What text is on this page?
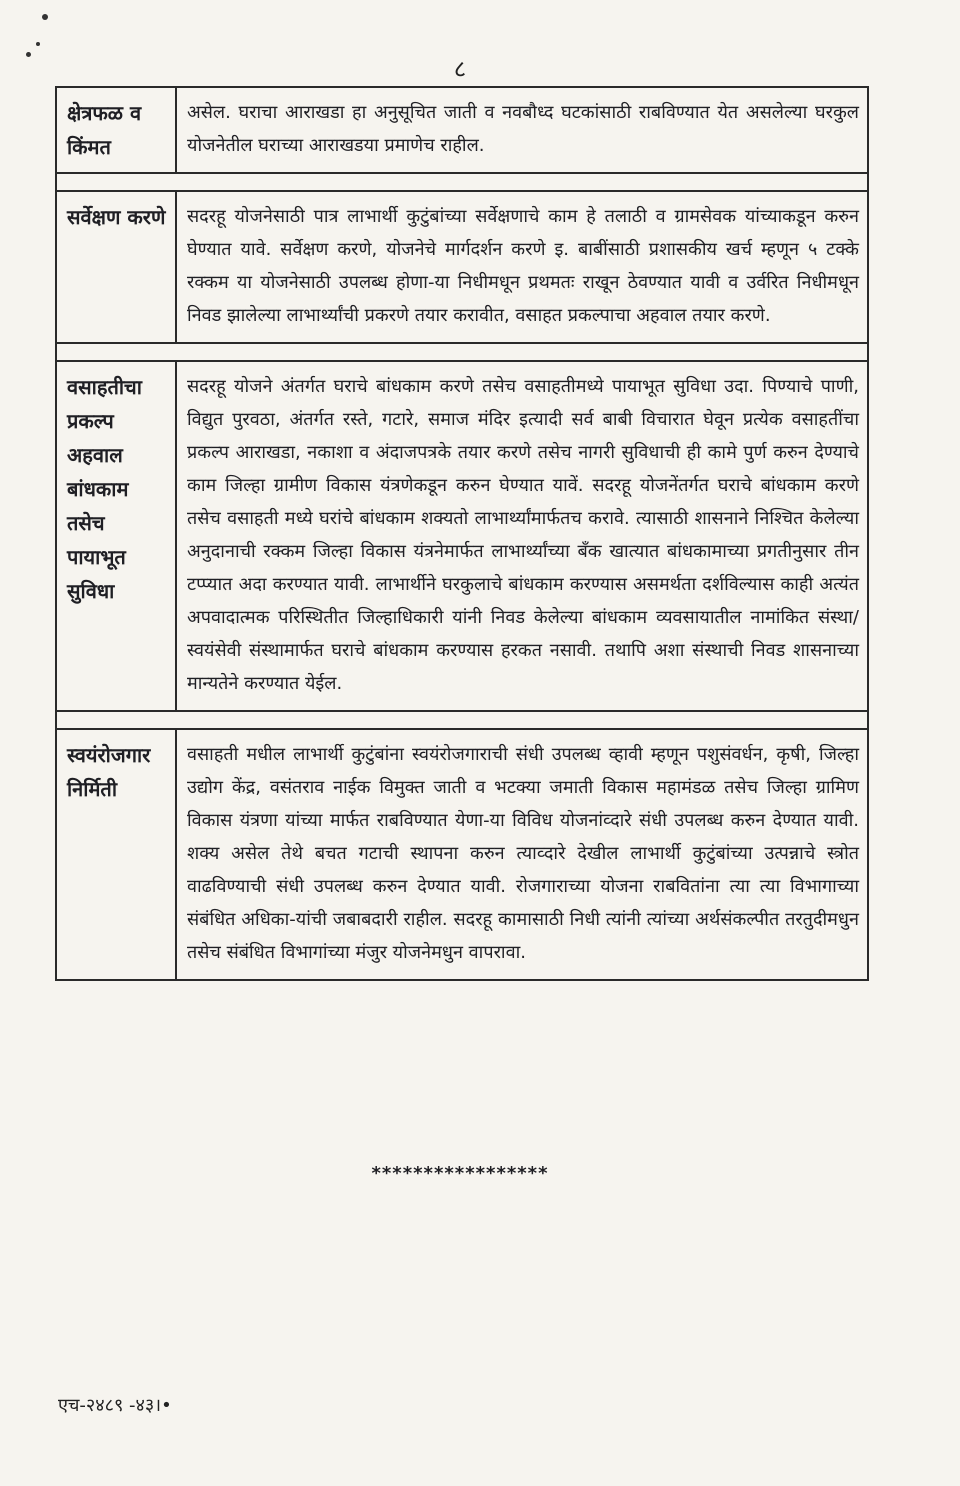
८
क्षेत्रफळ व किंमत
असेल. घराचा आराखडा हा अनुसूचित जाती व नवबौध्द घटकांसाठी राबविण्यात येत असलेल्या घरकुल योजनेतील घराच्या आराखडया प्रमाणेच राहील.
सर्वेक्षण करणे	सदरहू योजनेसाठी पात्र लाभार्थी कुटुंबांच्या सर्वेक्षणाचे काम हे तलाठी व ग्रामसेवक यांच्याकडून करुन घेण्यात यावे. सर्वेक्षण करणे, योजनेचे मार्गदर्शन करणे इ. बाबींसाठी प्रशासकीय खर्च म्हणून ५ टक्के रक्कम या योजनेसाठी उपलब्ध होणा-या निधीमधून प्रथमतः राखून ठेवण्यात यावी व उर्वरित निधीमधून निवड झालेल्या लाभार्थ्यांची प्रकरणे तयार करावीत, वसाहत प्रकल्पाचा अहवाल तयार करणे.
वसाहतीचा प्रकल्प अहवाल बांधकाम तसेच पायाभूत सुविधा
सदरहू योजने अंतर्गत घराचे बांधकाम करणे तसेच वसाहतीमध्ये पायाभूत सुविधा उदा. पिण्याचे पाणी, विद्युत पुरवठा, अंतर्गत रस्ते, गटारे, समाज मंदिर इत्यादी सर्व बाबी विचारात घेवून प्रत्येक वसाहतींचा प्रकल्प आराखडा, नकाशा व अंदाजपत्रके तयार करणे तसेच नागरी सुविधाची ही कामे पुर्ण करुन देण्याचे काम जिल्हा ग्रामीण विकास यंत्रणेकडून करुन घेण्यात यावें. सदरहू योजनेंतर्गत घराचे बांधकाम करणे तसेच वसाहती मध्ये घरांचे बांधकाम शक्यतो लाभार्थ्यांमार्फतच करावे. त्यासाठी शासनाने निश्चित केलेल्या अनुदानाची रक्कम जिल्हा विकास यंत्रनेमार्फत लाभार्थ्यांच्या बँक खात्यात बांधकामाच्या प्रगतीनुसार तीन टप्प्यात अदा करण्यात यावी. लाभार्थीने घरकुलाचे बांधकाम करण्यास असमर्थता दर्शविल्यास काही अत्यंत अपवादात्मक परिस्थितीत जिल्हाधिकारी यांनी निवड केलेल्या बांधकाम व्यवसायातील नामांकित संस्था/स्वयंसेवी संस्थामार्फत घराचे बांधकाम करण्यास हरकत नसावी. तथापि अशा संस्थाची निवड शासनाच्या मान्यतेने करण्यात येईल.
स्वयंरोजगार निर्मिती
वसाहती मधील लाभार्थी कुटुंबांना स्वयंरोजगाराची संधी उपलब्ध व्हावी म्हणून पशुसंवर्धन, कृषी, जिल्हा उद्योग केंद्र, वसंतराव नाईक विमुक्त जाती व भटक्या जमाती विकास महामंडळ तसेच जिल्हा ग्रामिण विकास यंत्रणा यांच्या मार्फत राबविण्यात येणा-या विविध योजनांव्दारे संधी उपलब्ध करुन देण्यात यावी. शक्य असेल तेथे बचत गटाची स्थापना करुन त्याव्दारे देखील लाभार्थी कुटुंबांच्या उत्पन्नाचे स्त्रोत वाढविण्याची संधी उपलब्ध करुन देण्यात यावी. रोजगाराच्या योजना राबवितांना त्या त्या विभागाच्या संबंधित अधिका-यांची जबाबदारी राहील. सदरहू कामासाठी निधी त्यांनी त्यांच्या अर्थसंकल्पीत तरतुदीमधुन तसेच संबंधित विभागांच्या मंजुर योजनेमधुन वापरावा.
*****************
एच-२४८९ -४३।•
